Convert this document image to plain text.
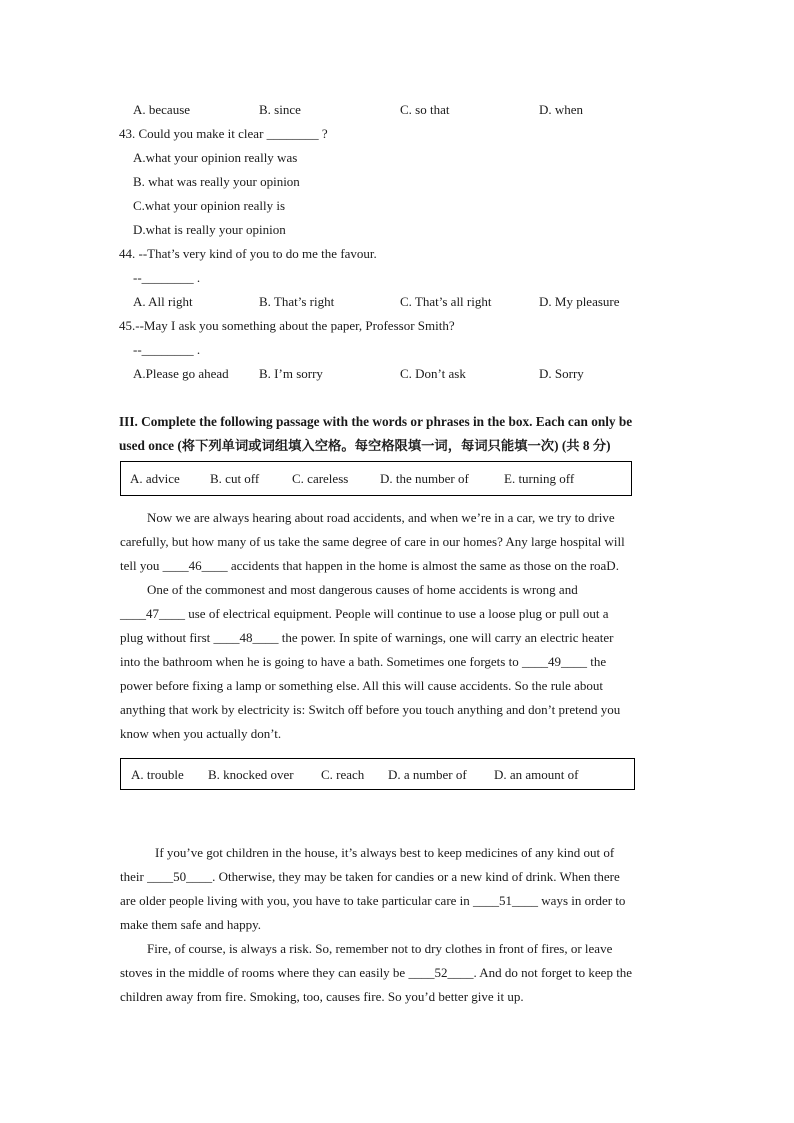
A. because	B. since	C. so that	D. when
43. Could you make it clear ________ ?
A.what your opinion really was
B. what was really your opinion
C.what your opinion really is
D.what is really your opinion
44. --That’s very kind of you to do me the favour.
--________ .
A. All right	B. That’s right	C. That’s all right	D. My pleasure
45.--May I ask you something about the paper, Professor Smith?
--________ .
A.Please go ahead B. I’m sorry	C. Don’t ask	D. Sorry
III. Complete the following passage with the words or phrases in the box. Each can only be
used once (将下列单词或词组填入空格。每空格限填一词，每词只能填一次) (共 8 分)
A. advice B. cut off	C. careless D. the number of	E. turning off
Now we are always hearing about road accidents, and when we’re in a car, we try to drive
carefully, but how many of us take the same degree of care in our homes? Any large hospital will
tell you ____46____ accidents that happen in the home is almost the same as those on the roaD.
One of the commonest and most dangerous causes of home accidents is wrong and
____47____ use of electrical equipment. People will continue to use a loose plug or pull out a
plug without first ____48____ the power. In spite of warnings, one will carry an electric heater
into the bathroom when he is going to have a bath. Sometimes one forgets to ____49____ the
power before fixing a lamp or something else. All this will cause accidents. So the rule about
anything that work by electricity is: Switch off before you touch anything and don’t pretend you
know when you actually don’t.
A. trouble B. knocked over C. reach D. a number of D. an amount of
If you’ve got children in the house, it’s always best to keep medicines of any kind out of
their ____50____. Otherwise, they may be taken for candies or a new kind of drink. When there
are older people living with you, you have to take particular care in ____51____ ways in order to
make them safe and happy.
Fire, of course, is always a risk. So, remember not to dry clothes in front of fires, or leave
stoves in the middle of rooms where they can easily be ____52____. And do not forget to keep the
children away from fire. Smoking, too, causes fire. So you’d better give it up.
